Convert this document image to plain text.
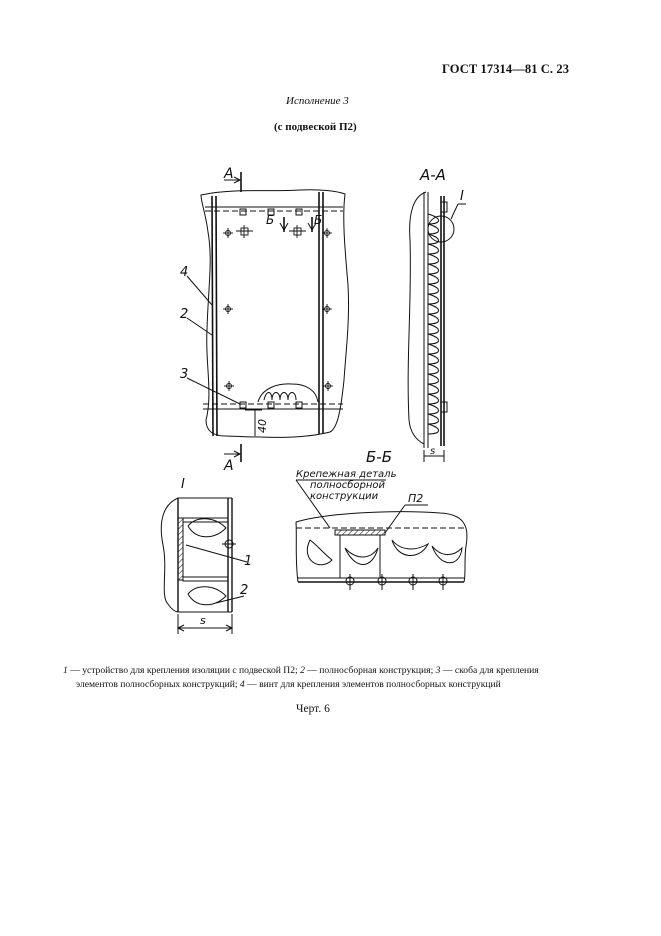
ГОСТ 17314—81 С. 23
Исполнение 3
(с подвеской П2)
А
А
А-А
Б	Б
Б-Б
I
I
40
s
s
4
2
3
1
2
Крепежная деталь
полносборной
конструкции	П2
1 — устройство для крепления изоляции с подвеской П2; 2 — полносборная конструкция; 3 — скоба для крепления
элементов полносборных конструкций; 4 — винт для крепления элементов полносборных конструкций
Черт. 6
